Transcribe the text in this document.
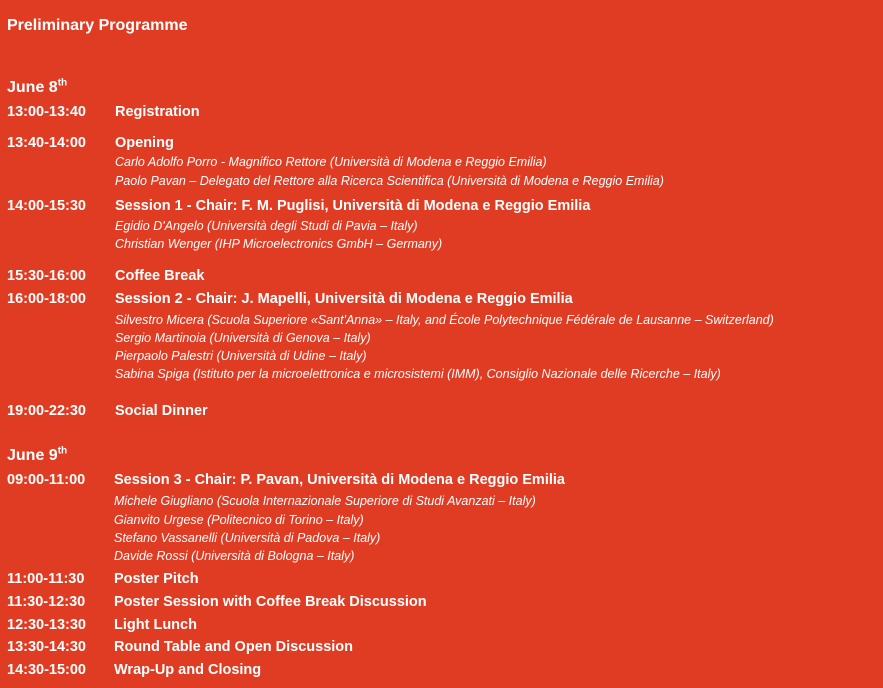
Preliminary Programme
June 8th
13:00-13:40 Registration
13:40-14:00 Opening
Carlo Adolfo Porro - Magnifico Rettore (Università di Modena e Reggio Emilia)
Paolo Pavan – Delegato del Rettore alla Ricerca Scientifica (Università di Modena e Reggio Emilia)
14:00-15:30 Session 1 - Chair: F. M. Puglisi, Università di Modena e Reggio Emilia
Egidio D'Angelo (Università degli Studi di Pavia – Italy)
Christian Wenger (IHP Microelectronics GmbH – Germany)
15:30-16:00 Coffee Break
16:00-18:00 Session 2 - Chair: J. Mapelli, Università di Modena e Reggio Emilia
Silvestro Micera (Scuola Superiore «Sant'Anna» – Italy, and École Polytechnique Fédérale de Lausanne – Switzerland)
Sergio Martinoia (Università di Genova – Italy)
Pierpaolo Palestri (Università di Udine – Italy)
Sabina Spiga (Istituto per la microelettronica e microsistemi (IMM), Consiglio Nazionale delle Ricerche – Italy)
19:00-22:30 Social Dinner
June 9th
09:00-11:00 Session 3 - Chair: P. Pavan, Università di Modena e Reggio Emilia
Michele Giugliano (Scuola Internazionale Superiore di Studi Avanzati – Italy)
Gianvito Urgese (Politecnico di Torino – Italy)
Stefano Vassanelli (Università di Padova – Italy)
Davide Rossi (Università di Bologna – Italy)
11:00-11:30 Poster Pitch
11:30-12:30 Poster Session with Coffee Break Discussion
12:30-13:30 Light Lunch
13:30-14:30 Round Table and Open Discussion
14:30-15:00 Wrap-Up and Closing
